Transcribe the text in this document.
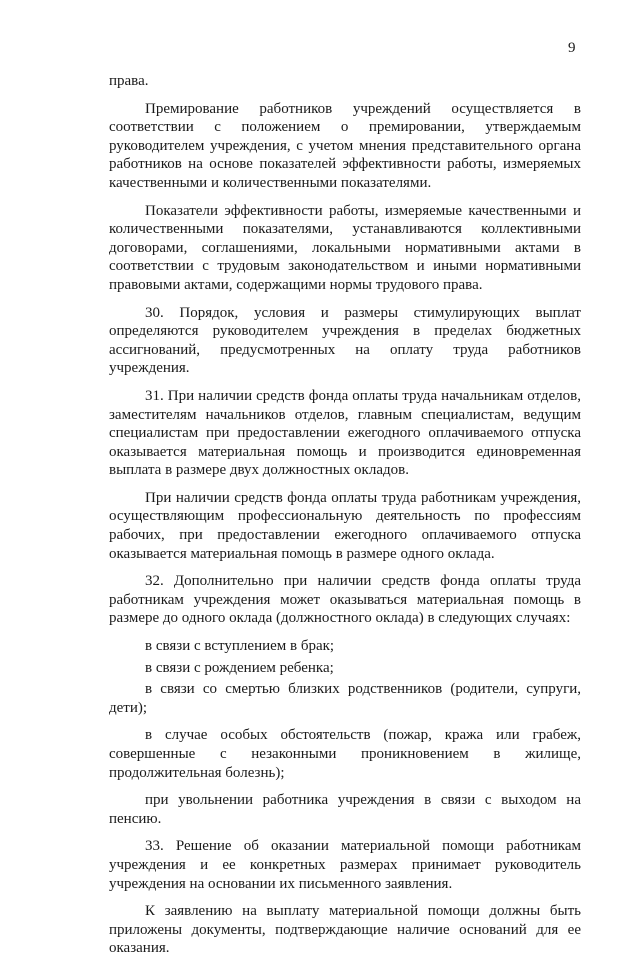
9

права.

Премирование работников учреждений осуществляется в соответствии с положением о премировании, утверждаемым руководителем учреждения, с учетом мнения представительного органа работников на основе показателей эффективности работы, измеряемых качественными и количественными показателями.

Показатели эффективности работы, измеряемые качественными и количественными показателями, устанавливаются коллективными договорами, соглашениями, локальными нормативными актами в соответствии с трудовым законодательством и иными нормативными правовыми актами, содержащими нормы трудового права.

30. Порядок, условия и размеры стимулирующих выплат определяются руководителем учреждения в пределах бюджетных ассигнований, предусмотренных на оплату труда работников учреждения.

31. При наличии средств фонда оплаты труда начальникам отделов, заместителям начальников отделов, главным специалистам, ведущим специалистам при предоставлении ежегодного оплачиваемого отпуска оказывается материальная помощь и производится единовременная выплата в размере двух должностных окладов.

При наличии средств фонда оплаты труда работникам учреждения, осуществляющим профессиональную деятельность по профессиям рабочих, при предоставлении ежегодного оплачиваемого отпуска оказывается материальная помощь в размере одного оклада.

32. Дополнительно при наличии средств фонда оплаты труда работникам учреждения может оказываться материальная помощь в размере до одного оклада (должностного оклада) в следующих случаях:

в связи с вступлением в брак;

в связи с рождением ребенка;

в связи со смертью близких родственников (родители, супруги, дети);

в случае особых обстоятельств (пожар, кража или грабеж, совершенные с незаконными проникновением в жилище, продолжительная болезнь);

при увольнении работника учреждения в связи с выходом на пенсию.

33. Решение об оказании материальной помощи работникам учреждения и ее конкретных размерах принимает руководитель учреждения на основании их письменного заявления.

К заявлению на выплату материальной помощи должны быть приложены документы, подтверждающие наличие оснований для ее оказания.
